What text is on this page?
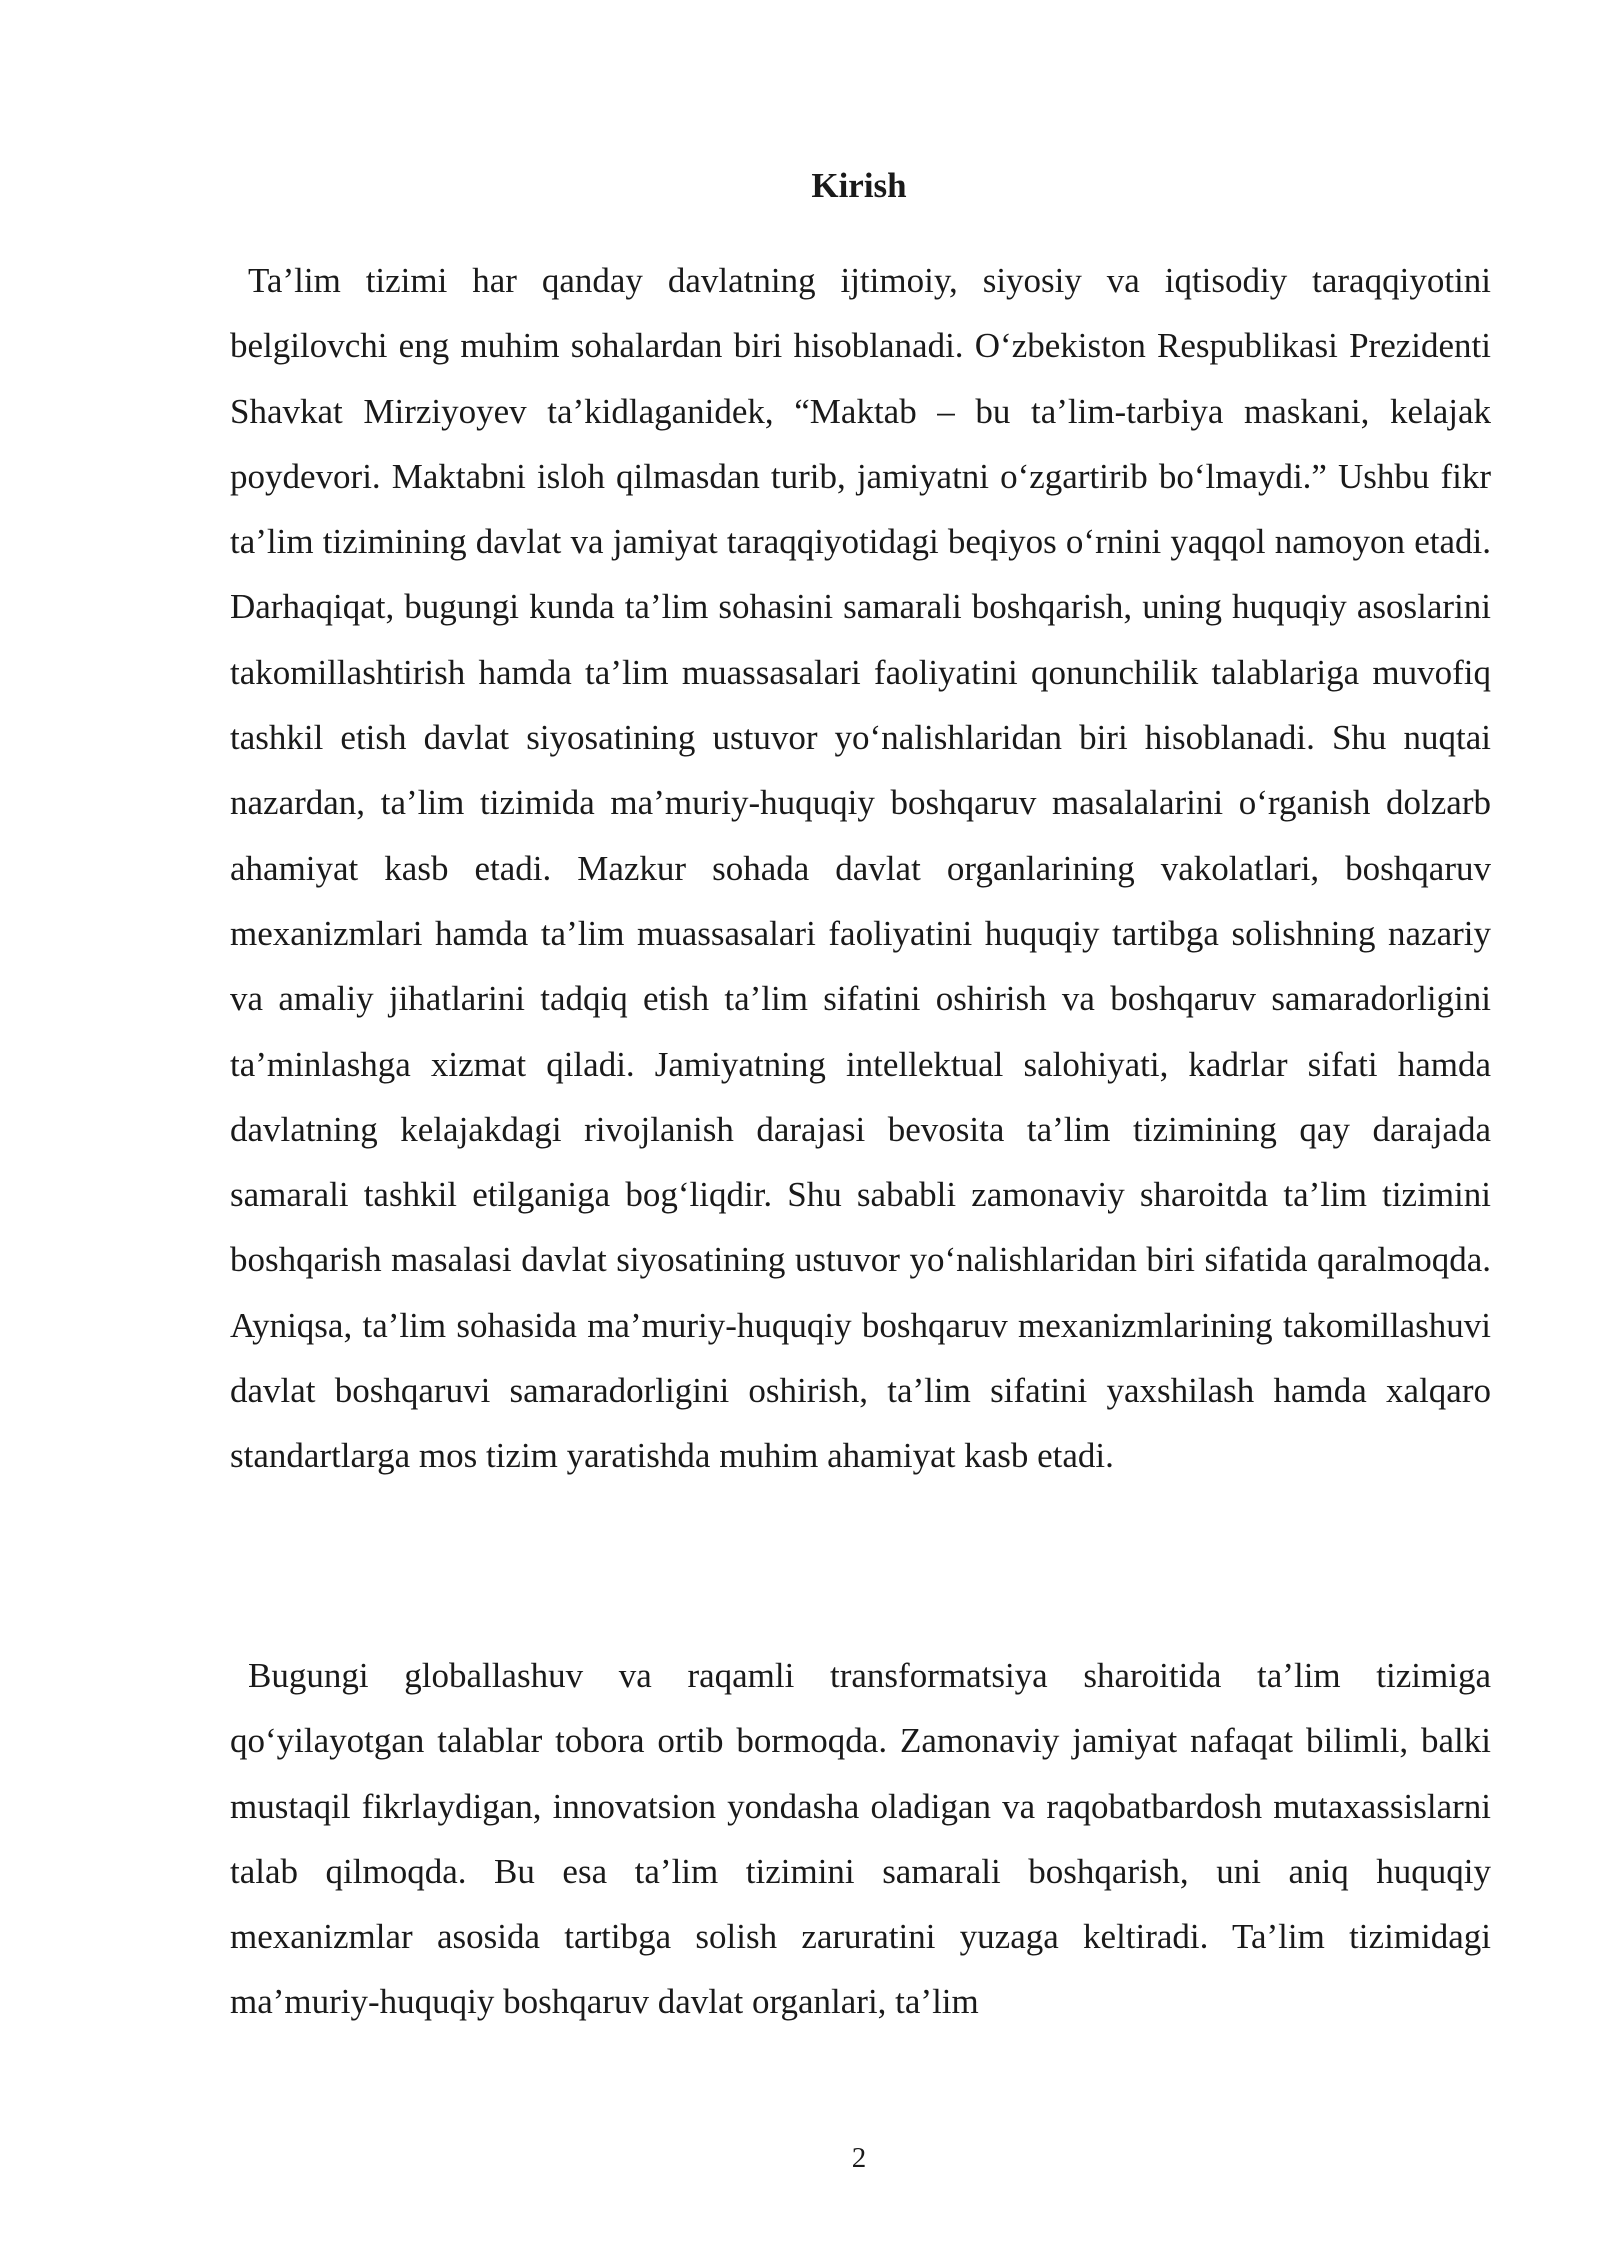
Kirish

Ta’lim tizimi har qanday davlatning ijtimoiy, siyosiy va iqtisodiy taraqqiyotini belgilovchi eng muhim sohalardan biri hisoblanadi. O‘zbekiston Respublikasi Prezidenti Shavkat Mirziyoyev ta’kidlaganidek, “Maktab – bu ta’lim-tarbiya maskani, kelajak poydevori. Maktabni isloh qilmasdan turib, jamiyatni o‘zgartirib bo‘lmaydi.” Ushbu fikr ta’lim tizimining davlat va jamiyat taraqqiyotidagi beqiyos o‘rnini yaqqol namoyon etadi. Darhaqiqat, bugungi kunda ta’lim sohasini samarali boshqarish, uning huquqiy asoslarini takomillashtirish hamda ta’lim muassasalari faoliyatini qonunchilik talablariga muvofiq tashkil etish davlat siyosatining ustuvor yo‘nalishlaridan biri hisoblanadi. Shu nuqtai nazardan, ta’lim tizimida ma’muriy-huquqiy boshqaruv masalalarini o‘rganish dolzarb ahamiyat kasb etadi. Mazkur sohada davlat organlarining vakolatlari, boshqaruv mexanizmlari hamda ta’lim muassasalari faoliyatini huquqiy tartibga solishning nazariy va amaliy jihatlarini tadqiq etish ta’lim sifatini oshirish va boshqaruv samaradorligini ta’minlashga xizmat qiladi. Jamiyatning intellektual salohiyati, kadrlar sifati hamda davlatning kelajakdagi rivojlanish darajasi bevosita ta’lim tizimining qay darajada samarali tashkil etilganiga bog‘liqdir. Shu sababli zamonaviy sharoitda ta’lim tizimini boshqarish masalasi davlat siyosatining ustuvor yo‘nalishlaridan biri sifatida qaralmoqda. Ayniqsa, ta’lim sohasida ma’muriy-huquqiy boshqaruv mexanizmlarining takomillashuvi davlat boshqaruvi samaradorligini oshirish, ta’lim sifatini yaxshilash hamda xalqaro standartlarga mos tizim yaratishda muhim ahamiyat kasb etadi.

Bugungi globallashuv va raqamli transformatsiya sharoitida ta’lim tizimiga qo‘yilayotgan talablar tobora ortib bormoqda. Zamonaviy jamiyat nafaqat bilimli, balki mustaqil fikrlaydigan, innovatsion yondasha oladigan va raqobatbardosh mutaxassislarni talab qilmoqda. Bu esa ta’lim tizimini samarali boshqarish, uni aniq huquqiy mexanizmlar asosida tartibga solish zaruratini yuzaga keltiradi. Ta’lim tizimidagi ma’muriy-huquqiy boshqaruv davlat organlari, ta’lim

2
